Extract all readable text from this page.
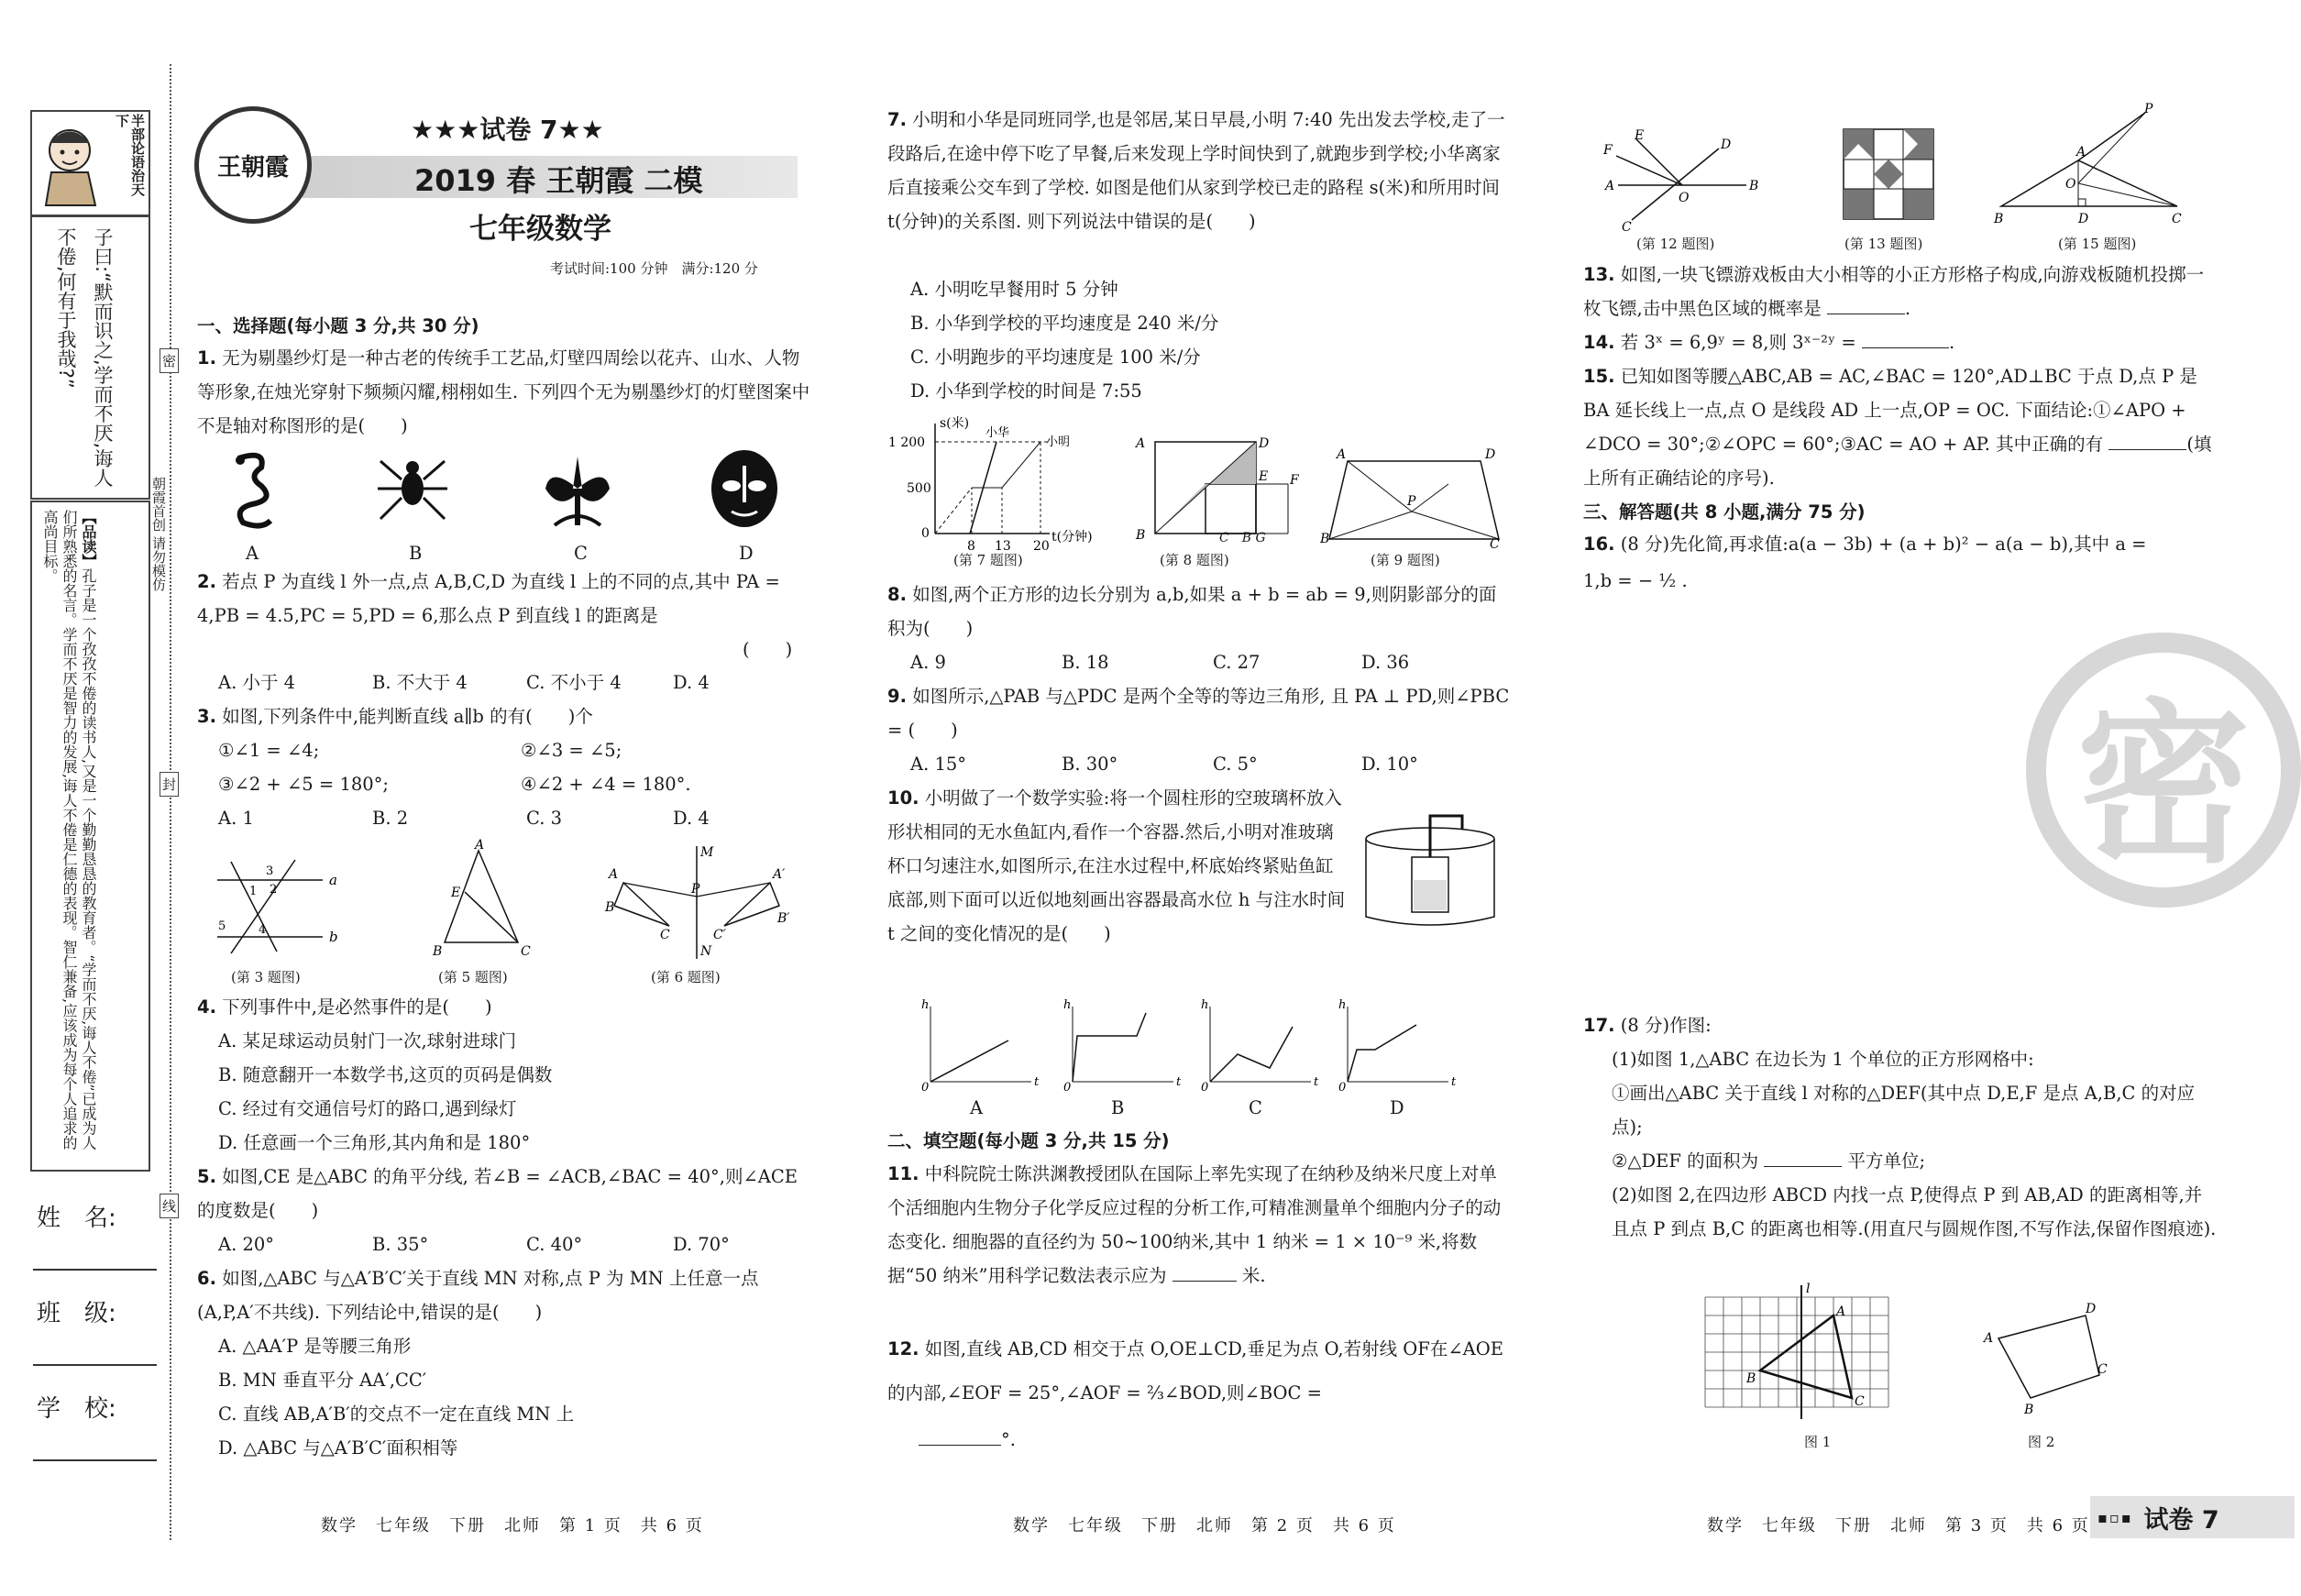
半部论语治天下
子曰:“默而识之,学而不厌,诲人不倦,何有于我哉?”
【品读】孔子是一个孜孜不倦的读书人,又是一个勤勤恳恳的教育者。“学而不厌,诲人不倦”已成为人们所熟悉的名言。学而不厌是智力的发展,诲人不倦是仁德的表现。智仁兼备,应该成为每个人追求的高尚目标。	朝霞首创 请勿模仿
密
封
线
姓　名:
班　级:
学　校:
王朝霞
★★★试卷 7★★
2019 春 王朝霞 二模
七年级数学
考试时间:100 分钟　满分:120 分
一、选择题(每小题 3 分,共 30 分)
1. 无为剔墨纱灯是一种古老的传统手工艺品,灯壁四周绘以花卉、山水、人物等形象,在烛光穿射下频频闪耀,栩栩如生. 下列四个无为剔墨纱灯的灯壁图案中不是轴对称图形的是(　　)
A	B	C	D
2. 若点 P 为直线 l 外一点,点 A,B,C,D 为直线 l 上的不同的点,其中 PA = 4,PB = 4.5,PC = 5,PD = 6,那么点 P 到直线 l 的距离是
(　　)
A. 小于 4	B. 不大于 4	C. 不小于 4	D. 4
3. 如图,下列条件中,能判断直线 a∥b 的有(　　)个
①∠1 = ∠4;	②∠3 = ∠5;
③∠2 + ∠5 = 180°;	④∠2 + ∠4 = 180°.
A. 1	B. 2	C. 3	D. 4
a
b
3
1 2
5	4
A
E
B	C
M
N
A	A′
B
B′
C	C′
P
(第 3 题图)	(第 5 题图)	(第 6 题图)
4. 下列事件中,是必然事件的是(　　)
A. 某足球运动员射门一次,球射进球门
B. 随意翻开一本数学书,这页的页码是偶数
C. 经过有交通信号灯的路口,遇到绿灯
D. 任意画一个三角形,其内角和是 180°
5. 如图,CE 是△ABC 的角平分线, 若∠B = ∠ACB,∠BAC = 40°,则∠ACE 的度数是(　　)
A. 20°	B. 35°	C. 40°	D. 70°
6. 如图,△ABC 与△A′B′C′关于直线 MN 对称,点 P 为 MN 上任意一点(A,P,A′不共线). 下列结论中,错误的是(　　)
A. △AA′P 是等腰三角形
B. MN 垂直平分 AA′,CC′
C. 直线 AB,A′B′的交点不一定在直线 MN 上
D. △ABC 与△A′B′C′面积相等
数学　七年级　下册　北师　第 1 页　共 6 页
7. 小明和小华是同班同学,也是邻居,某日早晨,小明 7:40 先出发去学校,走了一段路后,在途中停下吃了早餐,后来发现上学时间快到了,就跑步到学校;小华离家后直接乘公交车到了学校. 如图是他们从家到学校已走的路程 s(米)和所用时间 t(分钟)的关系图. 则下列说法中错误的是(　　)
A. 小明吃早餐用时 5 分钟
B. 小华到学校的平均速度是 240 米/分
C. 小明跑步的平均速度是 100 米/分
D. 小华到学校的时间是 7:55
s(米)
1 200
500
0
8 13 20
t(分钟)
小华
小明	A
B
D
E F
C　B G
A	D
B	C
P
(第 7 题图)	(第 8 题图)	(第 9 题图)
8. 如图,两个正方形的边长分别为 a,b,如果 a + b = ab = 9,则阴影部分的面积为(　　)
A. 9	B. 18	C. 27	D. 36
9. 如图所示,△PAB 与△PDC 是两个全等的等边三角形, 且 PA ⊥ PD,则∠PBC = (　　)
A. 15°	B. 30°	C. 5°	D. 10°
10. 小明做了一个数学实验:将一个圆柱形的空玻璃杯放入形状相同的无水鱼缸内,看作一个容器.然后,小明对准玻璃杯口匀速注水,如图所示,在注水过程中,杯底始终紧贴鱼缸底部,则下面可以近似地刻画出容器最高水位 h 与注水时间 t 之间的变化情况的是(　　)
h
t
0
h
t
0
h
t
0
h
t
0
A	B	C	D
二、填空题(每小题 3 分,共 15 分)
11. 中科院院士陈洪渊教授团队在国际上率先实现了在纳秒及纳米尺度上对单个活细胞内生物分子化学反应过程的分析工作,可精准测量单个细胞内分子的动态变化. 细胞器的直径约为 50~100纳米,其中 1 纳米 = 1 × 10⁻⁹ 米,将数据“50 纳米”用科学记数法表示应为	米.
12. 如图,直线 AB,CD 相交于点 O,OE⊥CD,垂足为点 O,若射线 OF在∠AOE 的内部,∠EOF = 25°,∠AOF = ⅔∠BOD,则∠BOC =
°.
数学　七年级　下册　北师　第 2 页　共 6 页
A	B
C
D
E
F
O
P
A
O
B	D	C
(第 12 题图)	(第 13 题图)	(第 15 题图)
13. 如图,一块飞镖游戏板由大小相等的小正方形格子构成,向游戏板随机投掷一枚飞镖,击中黑色区域的概率是	.
14. 若 3ˣ = 6,9ʸ = 8,则 3ˣ⁻²ʸ =	.
15. 已知如图等腰△ABC,AB = AC,∠BAC = 120°,AD⊥BC 于点 D,点 P 是 BA 延长线上一点,点 O 是线段 AD 上一点,OP = OC. 下面结论:①∠APO + ∠DCO = 30°;②∠OPC = 60°;③AC = AO + AP. 其中正确的有	(填上所有正确结论的序号).
三、解答题(共 8 小题,满分 75 分)
16. (8 分)先化简,再求值:a(a − 3b) + (a + b)² − a(a − b),其中 a = 1,b = − ½ .
密
17. (8 分)作图:
(1)如图 1,△ABC 在边长为 1 个单位的正方形网格中:
①画出△ABC 关于直线 l 对称的△DEF(其中点 D,E,F 是点 A,B,C 的对应点);
②△DEF 的面积为	平方单位;
(2)如图 2,在四边形 ABCD 内找一点 P,使得点 P 到 AB,AD 的距离相等,并且点 P 到点 B,C 的距离也相等.(用直尺与圆规作图,不写作法,保留作图痕迹).
l
A
B
C
A
D
C
B
图 1	图 2
数学　七年级　下册　北师　第 3 页　共 6 页 ▪▫▪ 试卷 7
